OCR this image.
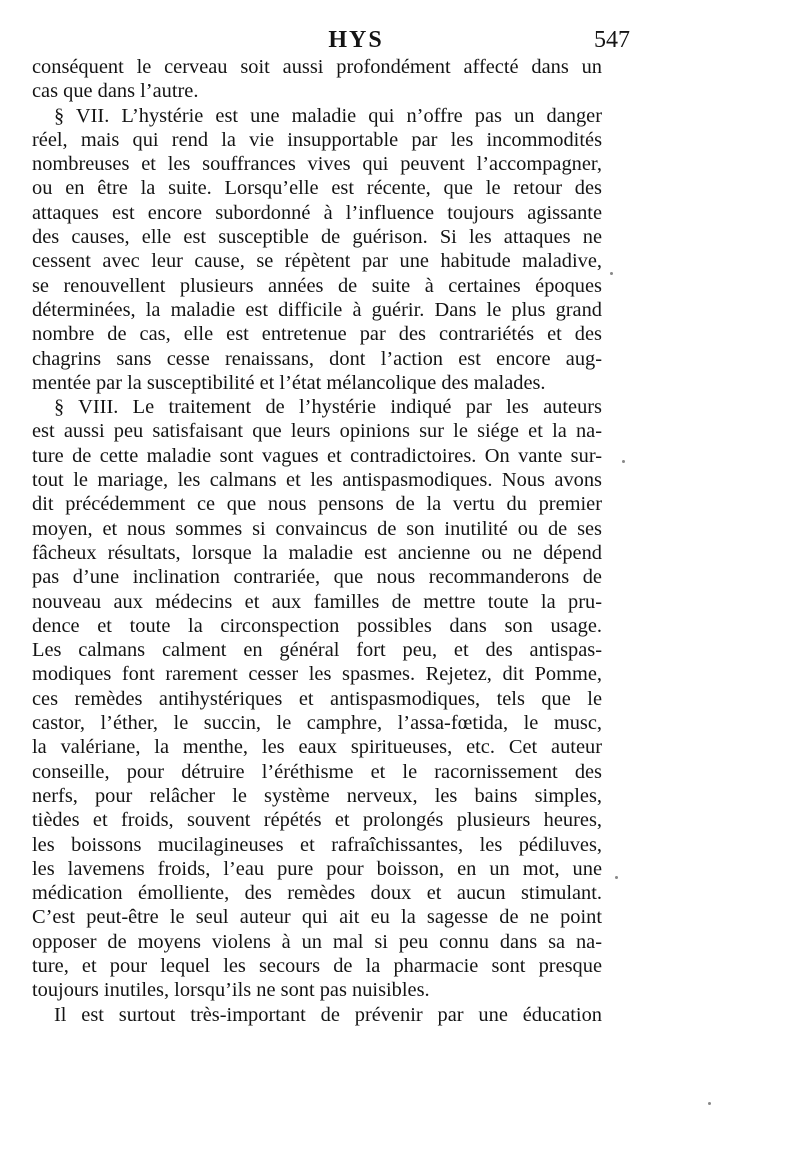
HYS	547
conséquent le cerveau soit aussi profondément affecté dans un
cas que dans l’autre.
§ VII. L’hystérie est une maladie qui n’offre pas un danger
réel, mais qui rend la vie insupportable par les incommodités
nombreuses et les souffrances vives qui peuvent l’accompagner,
ou en être la suite. Lorsqu’elle est récente, que le retour des
attaques est encore subordonné à l’influence toujours agissante
des causes, elle est susceptible de guérison. Si les attaques ne
cessent avec leur cause, se répètent par une habitude maladive,
se renouvellent plusieurs années de suite à certaines époques
déterminées, la maladie est difficile à guérir. Dans le plus grand
nombre de cas, elle est entretenue par des contrariétés et des
chagrins sans cesse renaissans, dont l’action est encore aug-
mentée par la susceptibilité et l’état mélancolique des malades.
§ VIII. Le traitement de l’hystérie indiqué par les auteurs
est aussi peu satisfaisant que leurs opinions sur le siége et la na-
ture de cette maladie sont vagues et contradictoires. On vante sur-
tout le mariage, les calmans et les antispasmodiques. Nous avons
dit précédemment ce que nous pensons de la vertu du premier
moyen, et nous sommes si convaincus de son inutilité ou de ses
fâcheux résultats, lorsque la maladie est ancienne ou ne dépend
pas d’une inclination contrariée, que nous recommanderons de
nouveau aux médecins et aux familles de mettre toute la pru-
dence et toute la circonspection possibles dans son usage.
Les calmans calment en général fort peu, et des antispas-
modiques font rarement cesser les spasmes. Rejetez, dit Pomme,
ces remèdes antihystériques et antispasmodiques, tels que le
castor, l’éther, le succin, le camphre, l’assa-fœtida, le musc,
la valériane, la menthe, les eaux spiritueuses, etc. Cet auteur
conseille, pour détruire l’éréthisme et le racornissement des
nerfs, pour relâcher le système nerveux, les bains simples,
tièdes et froids, souvent répétés et prolongés plusieurs heures,
les boissons mucilagineuses et rafraîchissantes, les pédiluves,
les lavemens froids, l’eau pure pour boisson, en un mot, une
médication émolliente, des remèdes doux et aucun stimulant.
C’est peut-être le seul auteur qui ait eu la sagesse de ne point
opposer de moyens violens à un mal si peu connu dans sa na-
ture, et pour lequel les secours de la pharmacie sont presque
toujours inutiles, lorsqu’ils ne sont pas nuisibles.
Il est surtout très-important de prévenir par une éducation
